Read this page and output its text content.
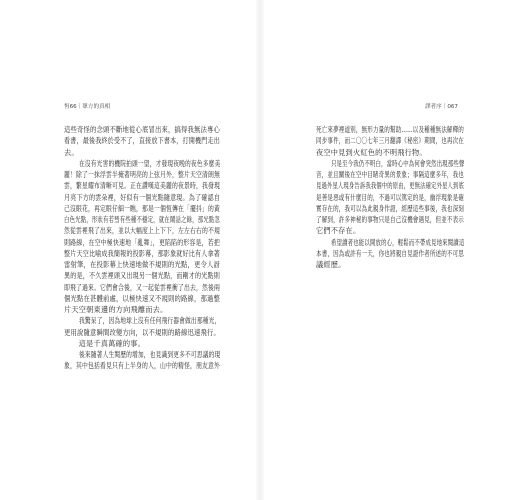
恆66｜眾方的真相
這些奇怪的念頭不斷地從心底冒出來，搞得我無法專心
看書，最後我終於受不了，直接放下書本，打開機門走出
去。
在沒有光害的機院拍頭一望，才發現夜晚的夜色多麼美
麗！除了一抹浮雲半掩著明亮的上弦月外，整片天空清朗無
雲，繁星耀布清晰可見。正在讚嘆這美麗的夜景時，我發現
月亮下方的雲朵裡，好似有一個光點隨意現。為了確認自
己沒眼花，再定眼仔細一瞧，那是一個恆傳在「擺抖」的黃
白色光點，形狀有若彗有些種不穩定，就在鬧話之餘，那光點忽
然從雲裡飛了出來，並以大幅度上上下下，左左右右的不規
則路線，在空中極快速地「亂舞」，更陷陷的形容是，若把
整片天空比喻成我簡報的投影幕，那影象就好比有人拿著
雷射筆，在投影幕上快速地做不規則的光點，更令人訝
異的是，不久雲裡頭又出現另一個光點，而剛才的光點則
即飛了過來。它們會合後，又一起從雲裡衝了出去，然後兩
個光點在甚體前處，以極快速又不規則的路線，那過整
片天空朝東邊的方向飛離而去。
我驚呆了，因為地球上沒有任何飛行器會做出那種光，
更用說隨意瞬間改變方向，以不規則的路線迅速飛行。
這是千真萬確的事。
後來隨著人生閱歷的增加，也見識到更多不可思議的現
象，其中包括看見只有上半身的人，山中的精怪，朋友意外
譯者序｜067
死亡來夢裡道別，無形力量的幫助……以及種種無法解釋的
同步事件，而二〇〇七年三月翻譯《秘密》期間，也再次在
夜空中見到火紅色的不明飛行物。
只是至今我仍不明白，當時心中為何會突然出現那些聲
音，並且關後在空中目睹奇異的景象；事隔這麼多年，我也
見過外星人現身告訴我我個中的原由，更無法確定外星人到底
是善是惡或有什麼目的，不過可以篤定的是，幽浮現象是確
實存在的，我可以為此親身作證，經歷這些事後，我也深刻
了解到，許多神秘的事物只是自己沒機會遇見，但並不表示
它們不存在。
希望讀者也能以開放的心，輕鬆而不帶成見地來閱讀這
本書，因為或許有一天，你也將親自見證作者所述的不可思
議經歷。
